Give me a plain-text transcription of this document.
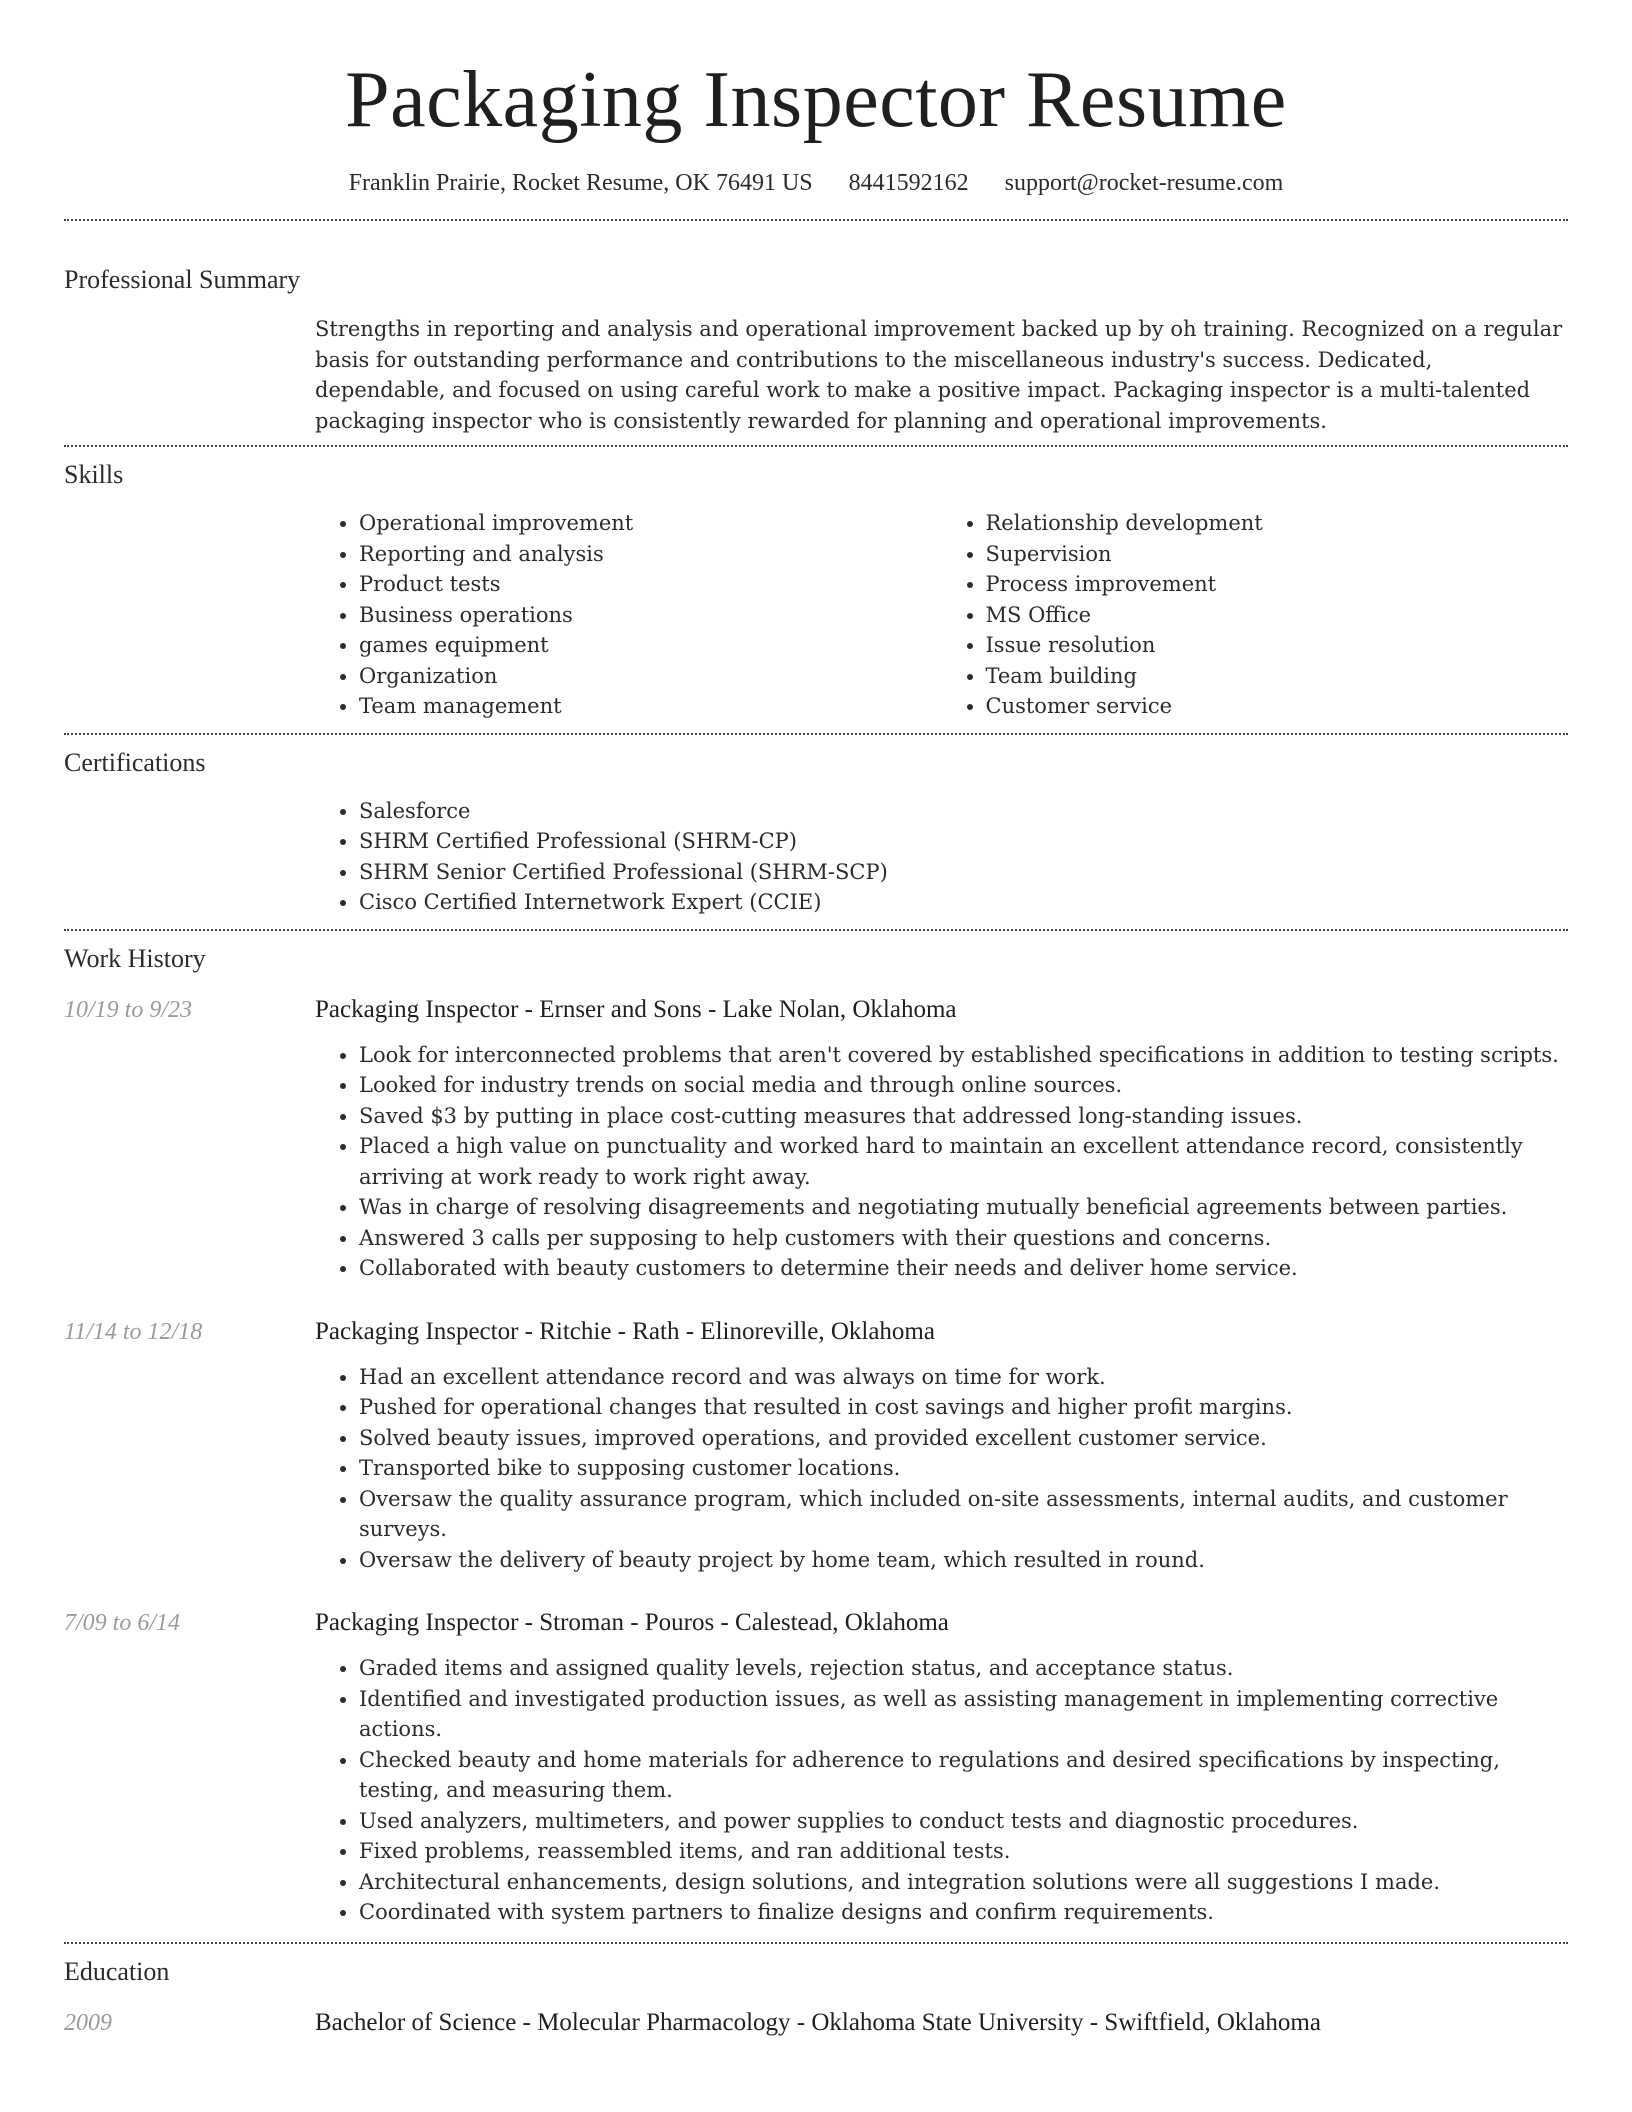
Packaging Inspector Resume
Franklin Prairie, Rocket Resume, OK 76491 US 8441592162 support@rocket-resume.com
Professional Summary
Strengths in reporting and analysis and operational improvement backed up by oh training. Recognized on a regular basis for outstanding performance and contributions to the miscellaneous industry's success. Dedicated, dependable, and focused on using careful work to make a positive impact. Packaging inspector is a multi-talented packaging inspector who is consistently rewarded for planning and operational improvements.
Skills
• Operational improvement
• Reporting and analysis
• Product tests
• Business operations
• games equipment
• Organization
• Team management
• Relationship development
• Supervision
• Process improvement
• MS Office
• Issue resolution
• Team building
• Customer service
Certifications
• Salesforce
• SHRM Certified Professional (SHRM-CP)
• SHRM Senior Certified Professional (SHRM-SCP)
• Cisco Certified Internetwork Expert (CCIE)
Work History
10/19 to 9/23	Packaging Inspector - Ernser and Sons - Lake Nolan, Oklahoma
• Look for interconnected problems that aren't covered by established specifications in addition to testing scripts.
• Looked for industry trends on social media and through online sources.
• Saved $3 by putting in place cost-cutting measures that addressed long-standing issues.
• Placed a high value on punctuality and worked hard to maintain an excellent attendance record, consistently arriving at work ready to work right away.
• Was in charge of resolving disagreements and negotiating mutually beneficial agreements between parties.
• Answered 3 calls per supposing to help customers with their questions and concerns.
• Collaborated with beauty customers to determine their needs and deliver home service.
11/14 to 12/18	Packaging Inspector - Ritchie - Rath - Elinoreville, Oklahoma
• Had an excellent attendance record and was always on time for work.
• Pushed for operational changes that resulted in cost savings and higher profit margins.
• Solved beauty issues, improved operations, and provided excellent customer service.
• Transported bike to supposing customer locations.
• Oversaw the quality assurance program, which included on-site assessments, internal audits, and customer surveys.
• Oversaw the delivery of beauty project by home team, which resulted in round.
7/09 to 6/14	Packaging Inspector - Stroman - Pouros - Calestead, Oklahoma
• Graded items and assigned quality levels, rejection status, and acceptance status.
• Identified and investigated production issues, as well as assisting management in implementing corrective actions.
• Checked beauty and home materials for adherence to regulations and desired specifications by inspecting, testing, and measuring them.
• Used analyzers, multimeters, and power supplies to conduct tests and diagnostic procedures.
• Fixed problems, reassembled items, and ran additional tests.
• Architectural enhancements, design solutions, and integration solutions were all suggestions I made.
• Coordinated with system partners to finalize designs and confirm requirements.
Education
2009	Bachelor of Science - Molecular Pharmacology - Oklahoma State University - Swiftfield, Oklahoma
